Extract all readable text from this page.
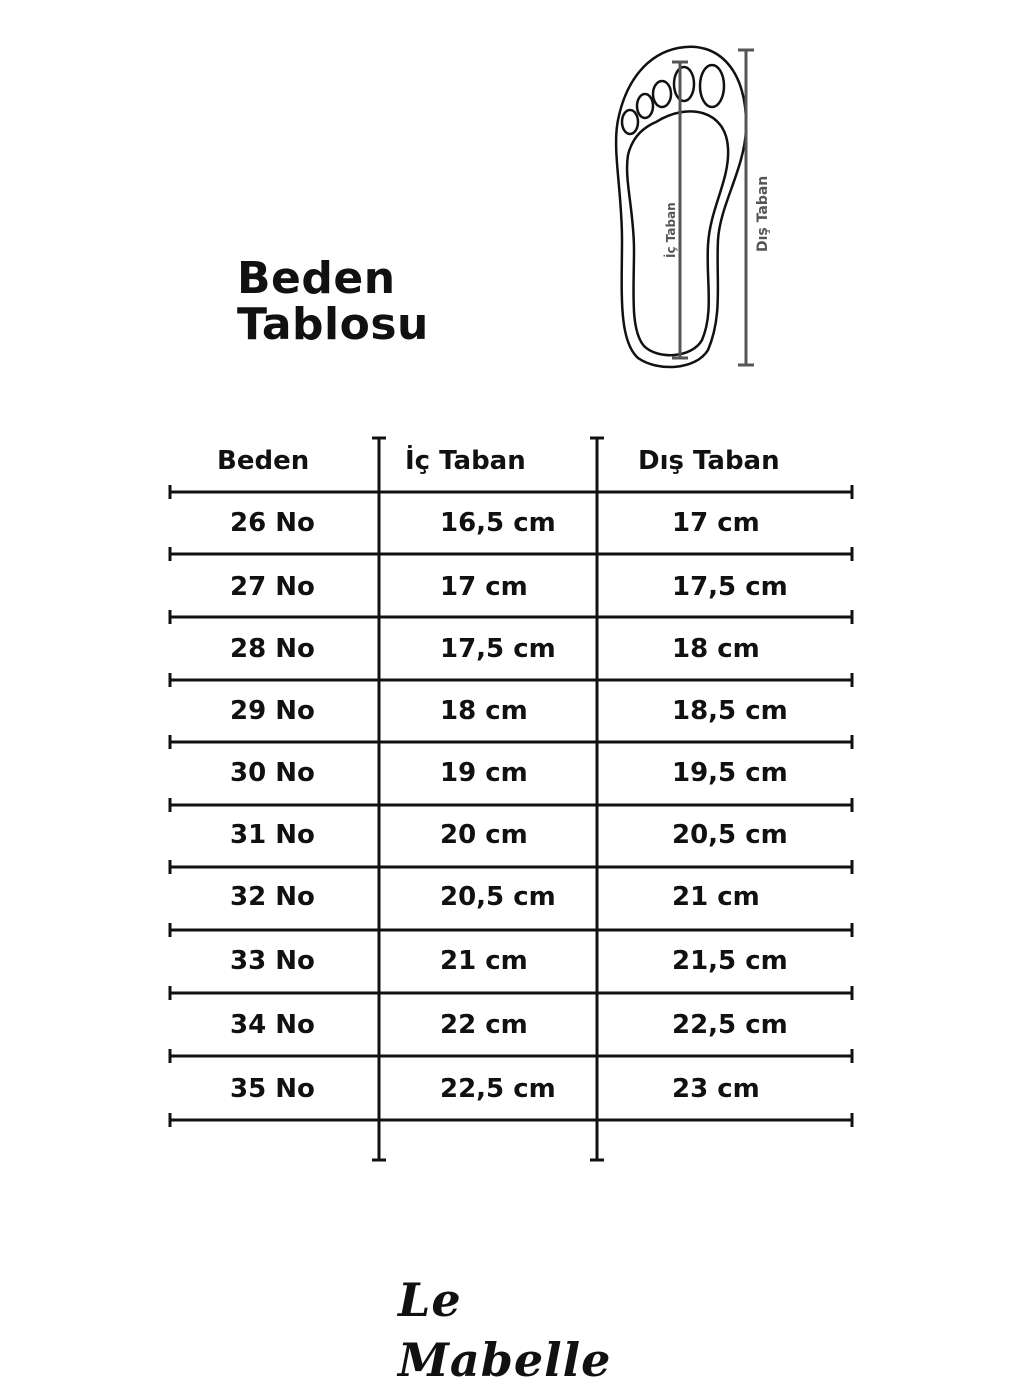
Beden
Tablosu
İç Taban	Dış Taban
Beden	İç Taban	Dış Taban
26 No	16,5 cm	17 cm
27 No	17 cm	17,5 cm
28 No	17,5 cm	18 cm
29 No	18 cm	18,5 cm
30 No	19 cm	19,5 cm
31 No	20 cm	20,5 cm
32 No	20,5 cm	21 cm
33 No	21 cm	21,5 cm
34 No	22 cm	22,5 cm
35 No	22,5 cm	23 cm
Le Mabelle
